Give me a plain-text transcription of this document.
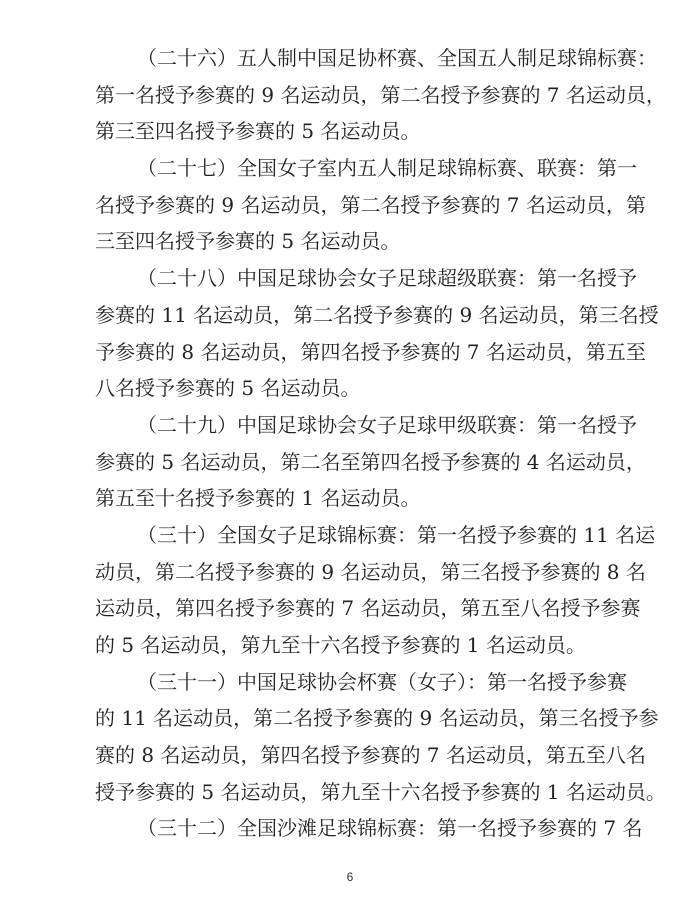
（二十六）五人制中国足协杯赛、全国五人制足球锦标赛：
第一名授予参赛的 9 名运动员，第二名授予参赛的 7 名运动员，
第三至四名授予参赛的 5 名运动员。
（二十七）全国女子室内五人制足球锦标赛、联赛：第一
名授予参赛的 9 名运动员，第二名授予参赛的 7 名运动员，第
三至四名授予参赛的 5 名运动员。
（二十八）中国足球协会女子足球超级联赛：第一名授予
参赛的 11 名运动员，第二名授予参赛的 9 名运动员，第三名授
予参赛的 8 名运动员，第四名授予参赛的 7 名运动员，第五至
八名授予参赛的 5 名运动员。
（二十九）中国足球协会女子足球甲级联赛：第一名授予
参赛的 5 名运动员，第二名至第四名授予参赛的 4 名运动员，
第五至十名授予参赛的 1 名运动员。
（三十）全国女子足球锦标赛：第一名授予参赛的 11 名运
动员，第二名授予参赛的 9 名运动员，第三名授予参赛的 8 名
运动员，第四名授予参赛的 7 名运动员，第五至八名授予参赛
的 5 名运动员，第九至十六名授予参赛的 1 名运动员。
（三十一）中国足球协会杯赛（女子）：第一名授予参赛
的 11 名运动员，第二名授予参赛的 9 名运动员，第三名授予参
赛的 8 名运动员，第四名授予参赛的 7 名运动员，第五至八名
授予参赛的 5 名运动员，第九至十六名授予参赛的 1 名运动员。
（三十二）全国沙滩足球锦标赛：第一名授予参赛的 7 名
6
